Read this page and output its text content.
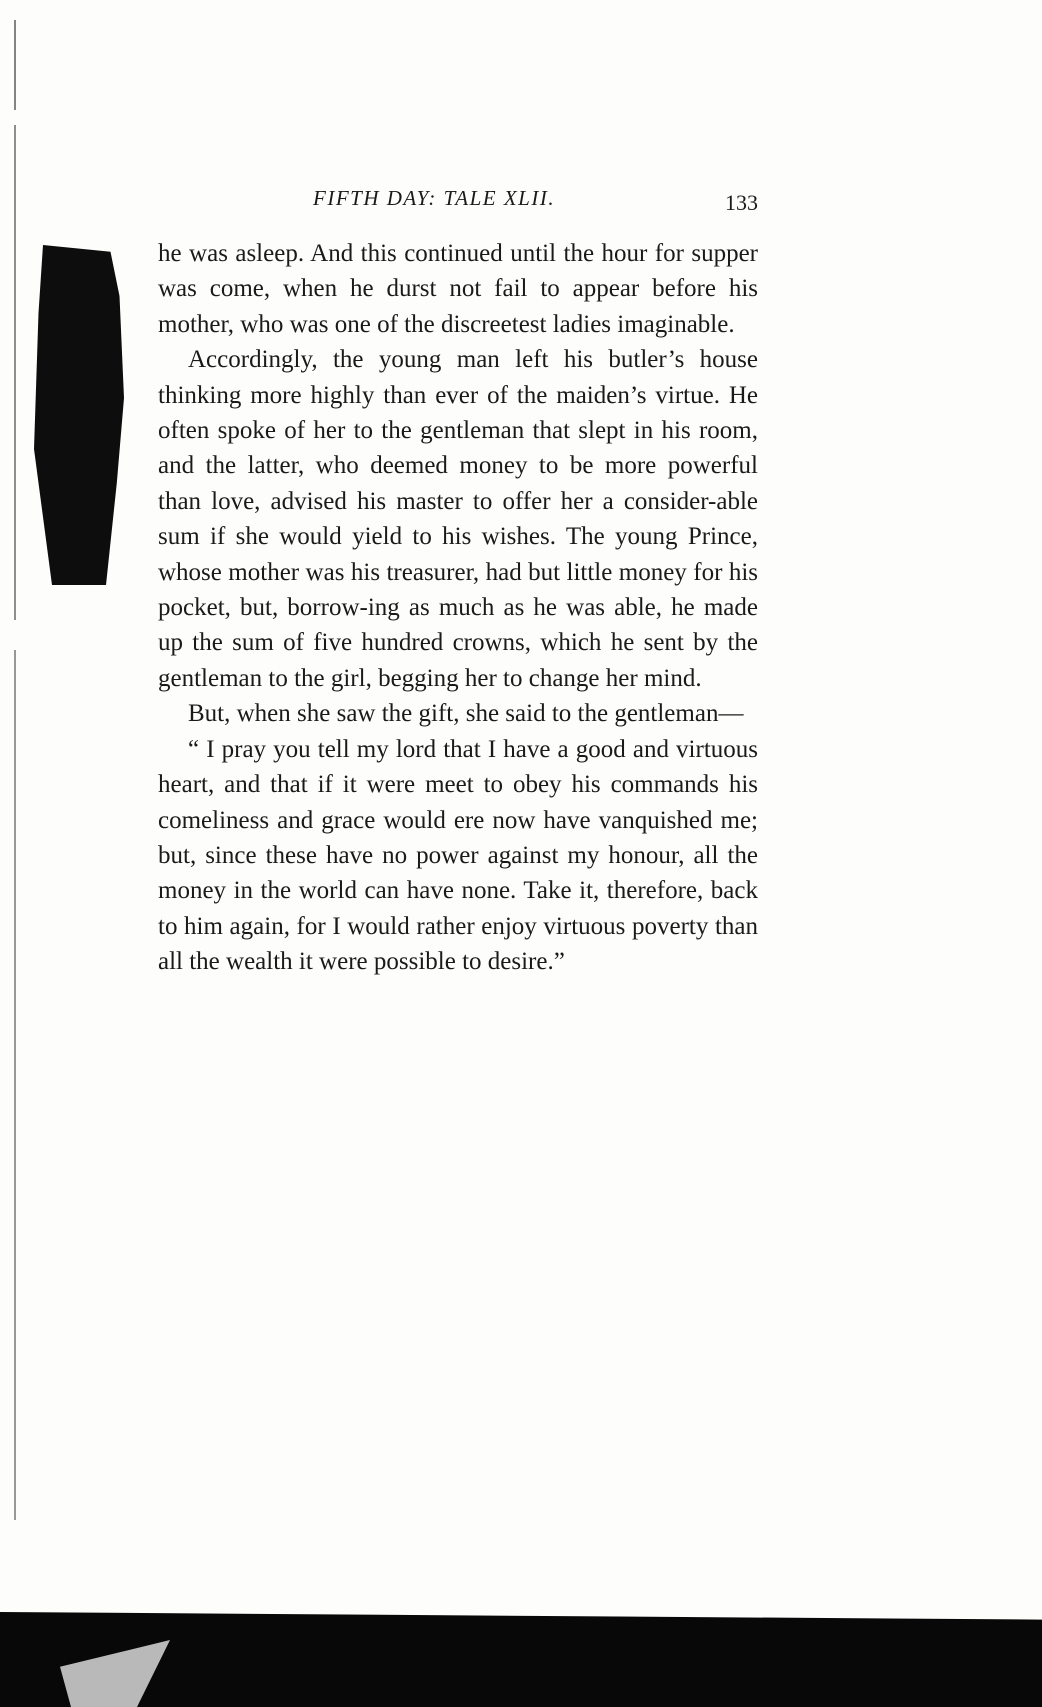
FIFTH DAY: TALE XLII.	133

he was asleep. And this continued until the hour for supper was come, when he durst not fail to appear before his mother, who was one of the discreetest ladies imaginable.

Accordingly, the young man left his butler’s house thinking more highly than ever of the maiden’s virtue. He often spoke of her to the gentleman that slept in his room, and the latter, who deemed money to be more powerful than love, advised his master to offer her a consider-able sum if she would yield to his wishes. The young Prince, whose mother was his treasurer, had but little money for his pocket, but, borrow-ing as much as he was able, he made up the sum of five hundred crowns, which he sent by the gentleman to the girl, begging her to change her mind.

But, when she saw the gift, she said to the gentleman—

“ I pray you tell my lord that I have a good and virtuous heart, and that if it were meet to obey his commands his comeliness and grace would ere now have vanquished me; but, since these have no power against my honour, all the money in the world can have none. Take it, therefore, back to him again, for I would rather enjoy virtuous poverty than all the wealth it were possible to desire.”
